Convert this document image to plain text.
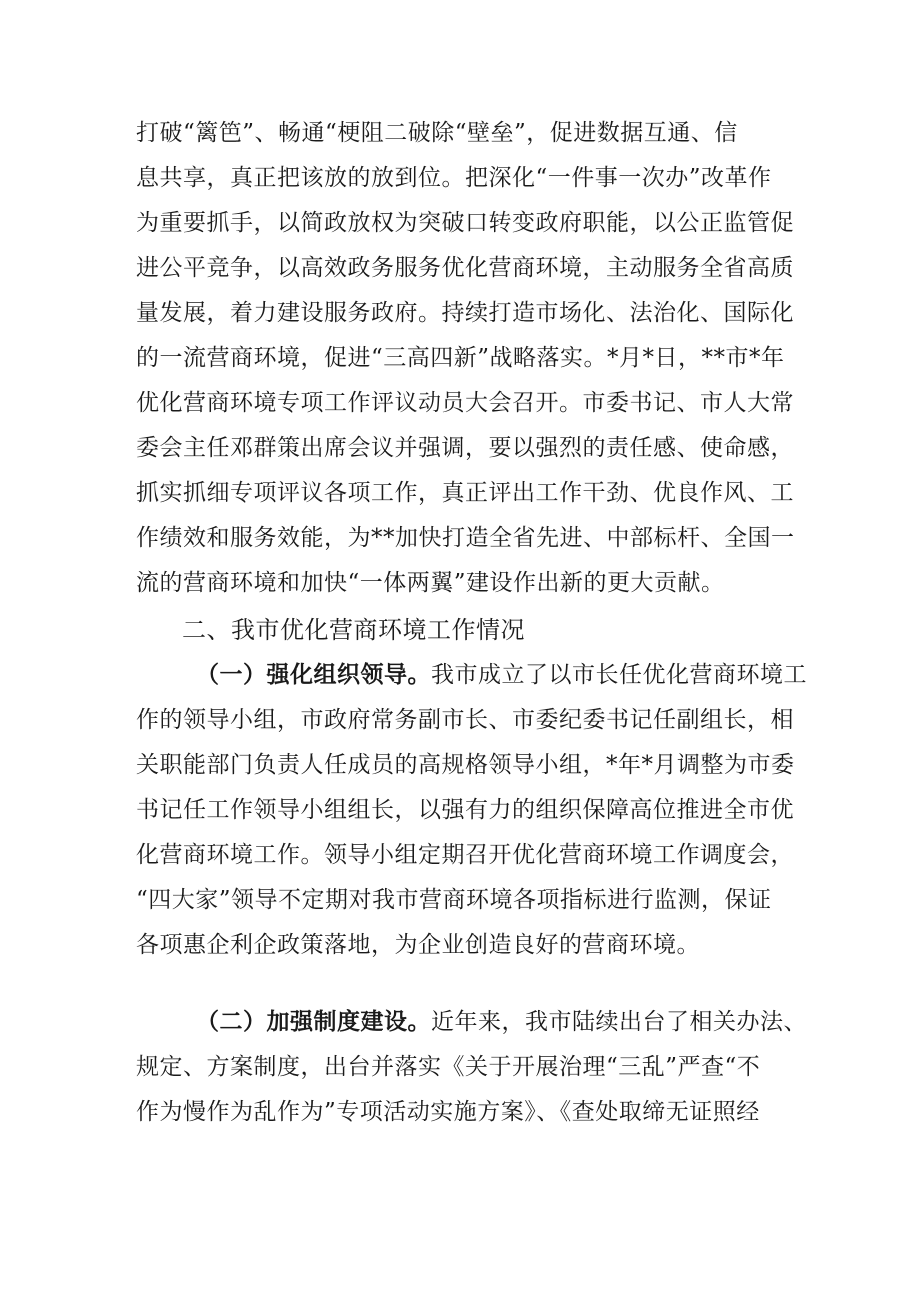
打破“篱笆”、畅通“梗阻二破除“壁垒”，促进数据互通、信
息共享，真正把该放的放到位。把深化“一件事一次办”改革作
为重要抓手，以简政放权为突破口转变政府职能，以公正监管促
进公平竞争，以高效政务服务优化营商环境，主动服务全省高质
量发展，着力建设服务政府。持续打造市场化、法治化、国际化
的一流营商环境，促进“三高四新”战略落实。*月*日，**市*年
优化营商环境专项工作评议动员大会召开。市委书记、市人大常
委会主任邓群策出席会议并强调，要以强烈的责任感、使命感，
抓实抓细专项评议各项工作，真正评出工作干劲、优良作风、工
作绩效和服务效能，为**加快打造全省先进、中部标杆、全国一
流的营商环境和加快“一体两翼”建设作出新的更大贡献。
二、我市优化营商环境工作情况
（一）强化组织领导。我市成立了以市长任优化营商环境工
作的领导小组，市政府常务副市长、市委纪委书记任副组长，相
关职能部门负责人任成员的高规格领导小组，*年*月调整为市委
书记任工作领导小组组长，以强有力的组织保障高位推进全市优
化营商环境工作。领导小组定期召开优化营商环境工作调度会，
“四大家”领导不定期对我市营商环境各项指标进行监测，保证
各项惠企利企政策落地，为企业创造良好的营商环境。
（二）加强制度建设。近年来，我市陆续出台了相关办法、
规定、方案制度，出台并落实《关于开展治理“三乱”严查“不
作为慢作为乱作为”专项活动实施方案》、《查处取缔无证照经
